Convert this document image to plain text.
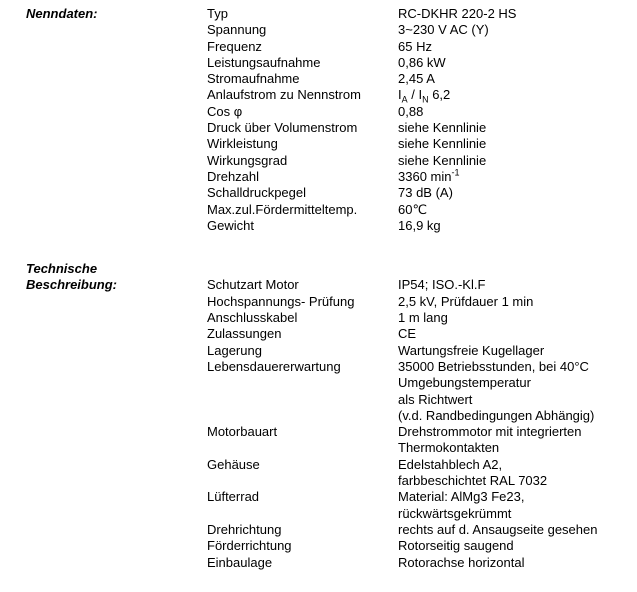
Nenndaten:	Typ	RC-DKHR 220-2 HS
Spannung	3~230 V AC (Y)
Frequenz	65 Hz
Leistungsaufnahme	0,86 kW
Stromaufnahme	2,45 A
Anlaufstrom zu Nennstrom	$I_A / I_N$ 6,2
Cos φ	0,88
Druck über Volumenstrom	siehe Kennlinie
Wirkleistung	siehe Kennlinie
Wirkungsgrad	siehe Kennlinie
Drehzahl	3360 $\min^{-1}$
Schalldruckpegel	73 dB (A)
Max.zul.Fördermitteltemp.	60℃
Gewicht	16,9 kg
Technische
Beschreibung:	Schutzart Motor	IP54; ISO.-Kl.F
Hochspannungs- Prüfung	2,5 kV, Prüfdauer 1 min
Anschlusskabel	1 m lang
Zulassungen	CE
Lagerung	Wartungsfreie Kugellager
Lebensdauererwartung	35000 Betriebsstunden, bei 40°C
Umgebungstemperatur
als Richtwert
(v.d. Randbedingungen Abhängig)
Motorbauart	Drehstrommotor mit integrierten
Thermokontakten
Gehäuse	Edelstahblech A2,
farbbeschichtet RAL 7032
Lüfterrad	Material: AlMg3 Fe23,
rückwärtsgekrümmt
Drehrichtung	rechts auf d. Ansaugseite gesehen
Förderrichtung	Rotorseitig saugend
Einbaulage	Rotorachse horizontal
